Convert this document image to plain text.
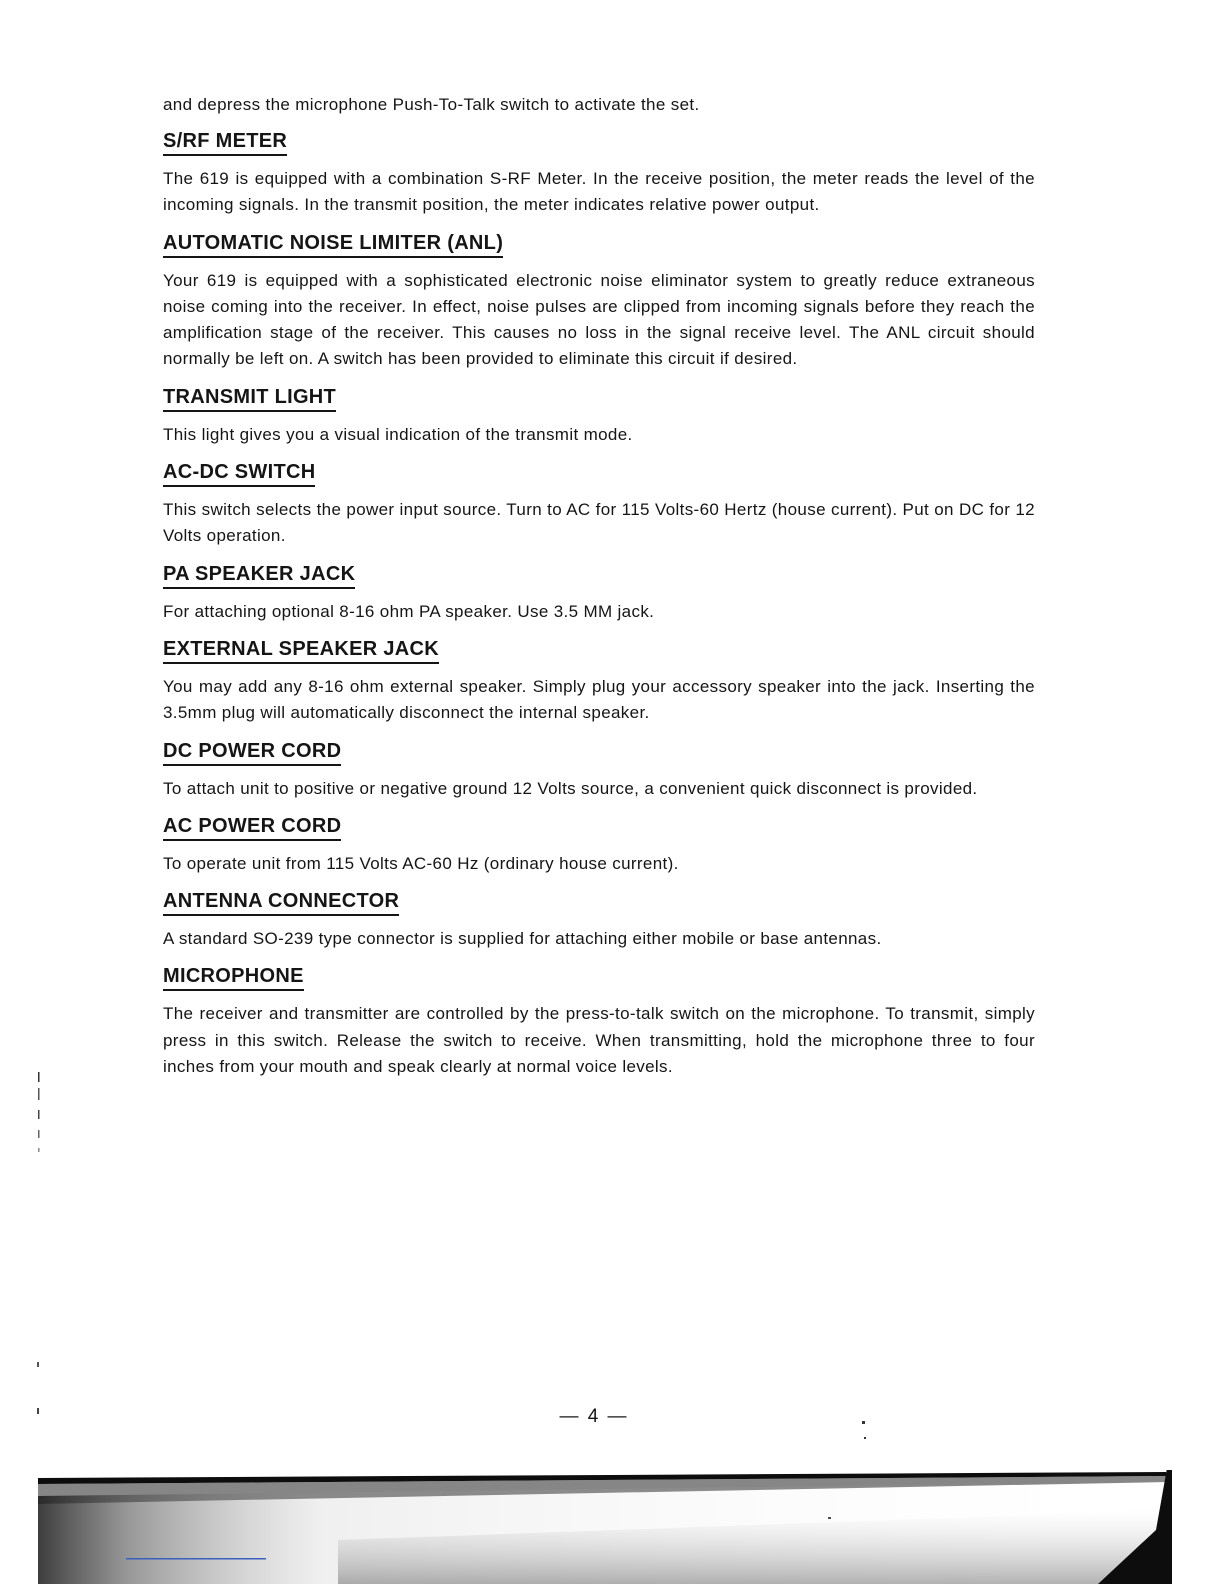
and depress the microphone Push-To-Talk switch to activate the set.

S/RF METER

The 619 is equipped with a combination S-RF Meter. In the receive position, the meter reads the level of the incoming signals. In the transmit position, the meter indicates relative power output.

AUTOMATIC NOISE LIMITER (ANL)

Your 619 is equipped with a sophisticated electronic noise eliminator system to greatly reduce extraneous noise coming into the receiver. In effect, noise pulses are clipped from incoming signals before they reach the amplification stage of the receiver. This causes no loss in the signal receive level. The ANL circuit should normally be left on. A switch has been provided to eliminate this circuit if desired.

TRANSMIT LIGHT

This light gives you a visual indication of the transmit mode.

AC-DC SWITCH

This switch selects the power input source. Turn to AC for 115 Volts-60 Hertz (house current). Put on DC for 12 Volts operation.

PA SPEAKER JACK

For attaching optional 8-16 ohm PA speaker. Use 3.5 MM jack.

EXTERNAL SPEAKER JACK

You may add any 8-16 ohm external speaker. Simply plug your accessory speaker into the jack. Inserting the 3.5mm plug will automatically disconnect the internal speaker.

DC POWER CORD

To attach unit to positive or negative ground 12 Volts source, a convenient quick disconnect is provided.

AC POWER CORD

To operate unit from 115 Volts AC-60 Hz (ordinary house current).

ANTENNA CONNECTOR

A standard SO-239 type connector is supplied for attaching either mobile or base antennas.

MICROPHONE

The receiver and transmitter are controlled by the press-to-talk switch on the microphone. To transmit, simply press in this switch. Release the switch to receive. When transmitting, hold the microphone three to four inches from your mouth and speak clearly at normal voice levels.

— 4 —
